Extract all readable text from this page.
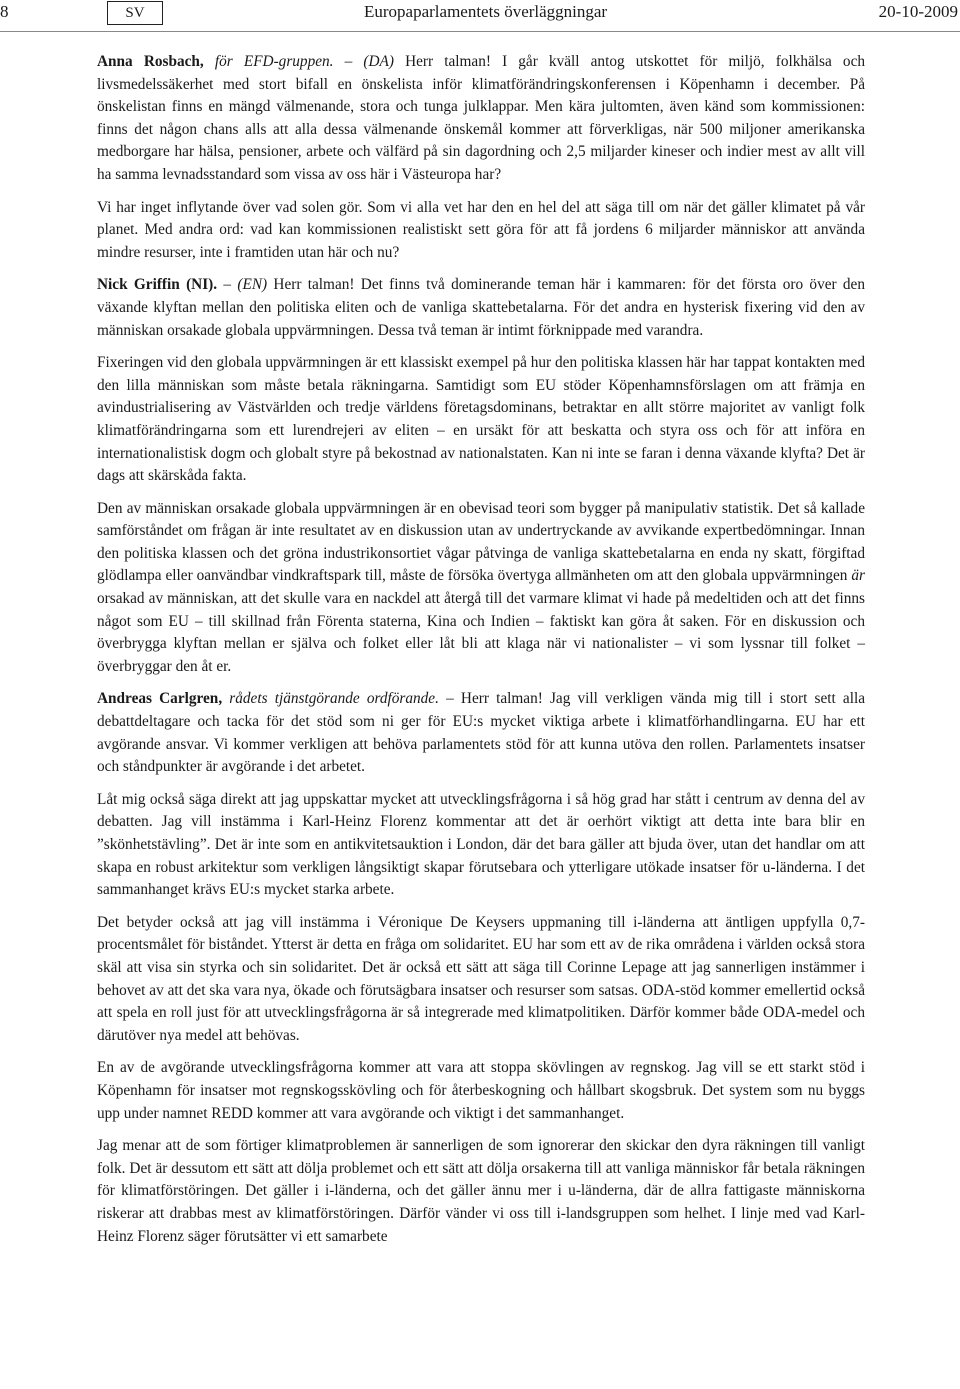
8	SV	Europaparlamentets överläggningar	20-10-2009

Anna Rosbach, för EFD-gruppen. – (DA) Herr talman! I går kväll antog utskottet för miljö, folkhälsa och livsmedelssäkerhet med stort bifall en önskelista inför klimatförändringskonferensen i Köpenhamn i december. På önskelistan finns en mängd välmenande, stora och tunga julklappar. Men kära jultomten, även känd som kommissionen: finns det någon chans alls att alla dessa välmenande önskemål kommer att förverkligas, när 500 miljoner amerikanska medborgare har hälsa, pensioner, arbete och välfärd på sin dagordning och 2,5 miljarder kineser och indier mest av allt vill ha samma levnadsstandard som vissa av oss här i Västeuropa har?

Vi har inget inflytande över vad solen gör. Som vi alla vet har den en hel del att säga till om när det gäller klimatet på vår planet. Med andra ord: vad kan kommissionen realistiskt sett göra för att få jordens 6 miljarder människor att använda mindre resurser, inte i framtiden utan här och nu?

Nick Griffin (NI). – (EN) Herr talman! Det finns två dominerande teman här i kammaren: för det första oro över den växande klyftan mellan den politiska eliten och de vanliga skattebetalarna. För det andra en hysterisk fixering vid den av människan orsakade globala uppvärmningen. Dessa två teman är intimt förknippade med varandra.

Fixeringen vid den globala uppvärmningen är ett klassiskt exempel på hur den politiska klassen här har tappat kontakten med den lilla människan som måste betala räkningarna. Samtidigt som EU stöder Köpenhamnsförslagen om att främja en avindustrialisering av Västvärlden och tredje världens företagsdominans, betraktar en allt större majoritet av vanligt folk klimatförändringarna som ett lurendrejeri av eliten – en ursäkt för att beskatta och styra oss och för att införa en internationalistisk dogm och globalt styre på bekostnad av nationalstaten. Kan ni inte se faran i denna växande klyfta? Det är dags att skärskåda fakta.

Den av människan orsakade globala uppvärmningen är en obevisad teori som bygger på manipulativ statistik. Det så kallade samförståndet om frågan är inte resultatet av en diskussion utan av undertryckande av avvikande expertbedömningar. Innan den politiska klassen och det gröna industrikonsortiet vågar påtvinga de vanliga skattebetalarna en enda ny skatt, förgiftad glödlampa eller oanvändbar vindkraftspark till, måste de försöka övertyga allmänheten om att den globala uppvärmningen är orsakad av människan, att det skulle vara en nackdel att återgå till det varmare klimat vi hade på medeltiden och att det finns något som EU – till skillnad från Förenta staterna, Kina och Indien – faktiskt kan göra åt saken. För en diskussion och överbrygga klyftan mellan er själva och folket eller låt bli att klaga när vi nationalister – vi som lyssnar till folket – överbryggar den åt er.

Andreas Carlgren, rådets tjänstgörande ordförande. – Herr talman! Jag vill verkligen vända mig till i stort sett alla debattdeltagare och tacka för det stöd som ni ger för EU:s mycket viktiga arbete i klimatförhandlingarna. EU har ett avgörande ansvar. Vi kommer verkligen att behöva parlamentets stöd för att kunna utöva den rollen. Parlamentets insatser och ståndpunkter är avgörande i det arbetet.

Låt mig också säga direkt att jag uppskattar mycket att utvecklingsfrågorna i så hög grad har stått i centrum av denna del av debatten. Jag vill instämma i Karl-Heinz Florenz kommentar att det är oerhört viktigt att detta inte bara blir en ”skönhetstävling”. Det är inte som en antikvitetsauktion i London, där det bara gäller att bjuda över, utan det handlar om att skapa en robust arkitektur som verkligen långsiktigt skapar förutsebara och ytterligare utökade insatser för u-länderna. I det sammanhanget krävs EU:s mycket starka arbete.

Det betyder också att jag vill instämma i Véronique De Keysers uppmaning till i-länderna att äntligen uppfylla 0,7-procentsmålet för biståndet. Ytterst är detta en fråga om solidaritet. EU har som ett av de rika områdena i världen också stora skäl att visa sin styrka och sin solidaritet. Det är också ett sätt att säga till Corinne Lepage att jag sannerligen instämmer i behovet av att det ska vara nya, ökade och förutsägbara insatser och resurser som satsas. ODA-stöd kommer emellertid också att spela en roll just för att utvecklingsfrågorna är så integrerade med klimatpolitiken. Därför kommer både ODA-medel och därutöver nya medel att behövas.

En av de avgörande utvecklingsfrågorna kommer att vara att stoppa skövlingen av regnskog. Jag vill se ett starkt stöd i Köpenhamn för insatser mot regnskogsskövling och för återbeskogning och hållbart skogsbruk. Det system som nu byggs upp under namnet REDD kommer att vara avgörande och viktigt i det sammanhanget.

Jag menar att de som förtiger klimatproblemen är sannerligen de som ignorerar den skickar den dyra räkningen till vanligt folk. Det är dessutom ett sätt att dölja problemet och ett sätt att dölja orsakerna till att vanliga människor får betala räkningen för klimatförstöringen. Det gäller i i-länderna, och det gäller ännu mer i u-länderna, där de allra fattigaste människorna riskerar att drabbas mest av klimatförstöringen. Därför vänder vi oss till i-landsgruppen som helhet. I linje med vad Karl-Heinz Florenz säger förutsätter vi ett samarbete
